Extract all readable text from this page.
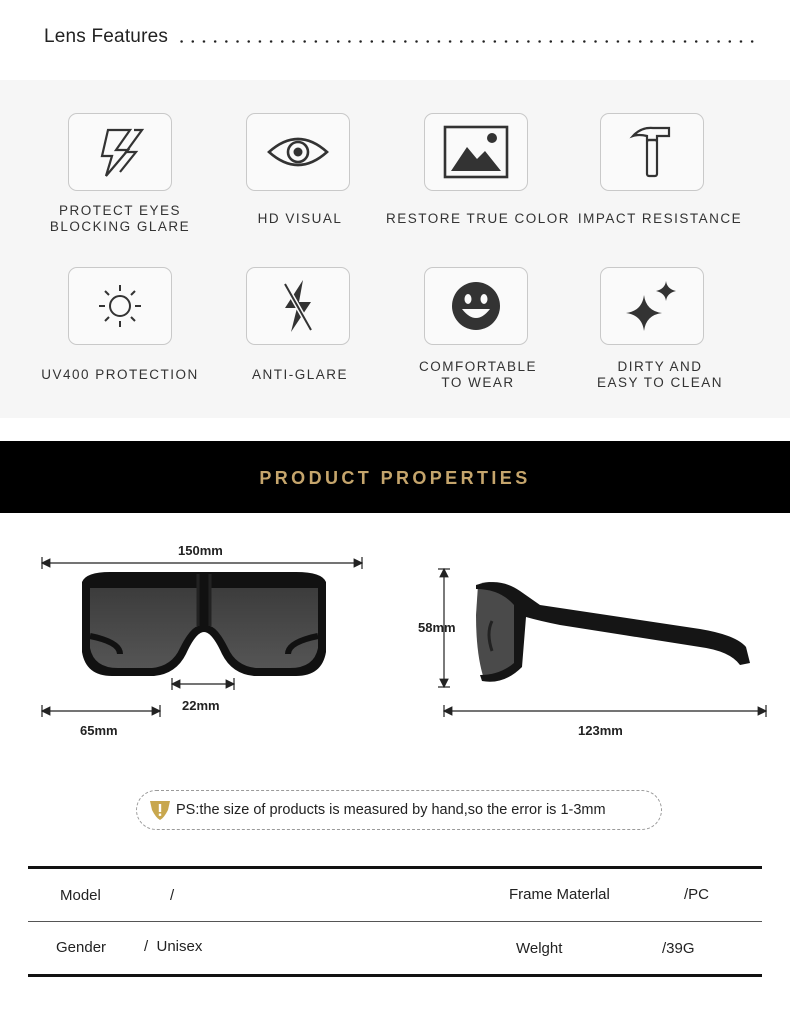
Lens Features
PROTECT EYES
BLOCKING GLARE
HD VISUAL	RESTORE TRUE COLOR IMPACT RESISTANCE
UV400 PROTECTION	ANTI-GLARE
COMFORTABLE
TO WEAR
DIRTY AND
EASY TO CLEAN
PRODUCT PROPERTIES
150mm
22mm
65mm
58mm
123mm
PS:the size of products is measured by hand,so the error is 1-3mm
Model	/	Frame Materlal	/PC
Gender	/  Unisex	Welght	/39G
